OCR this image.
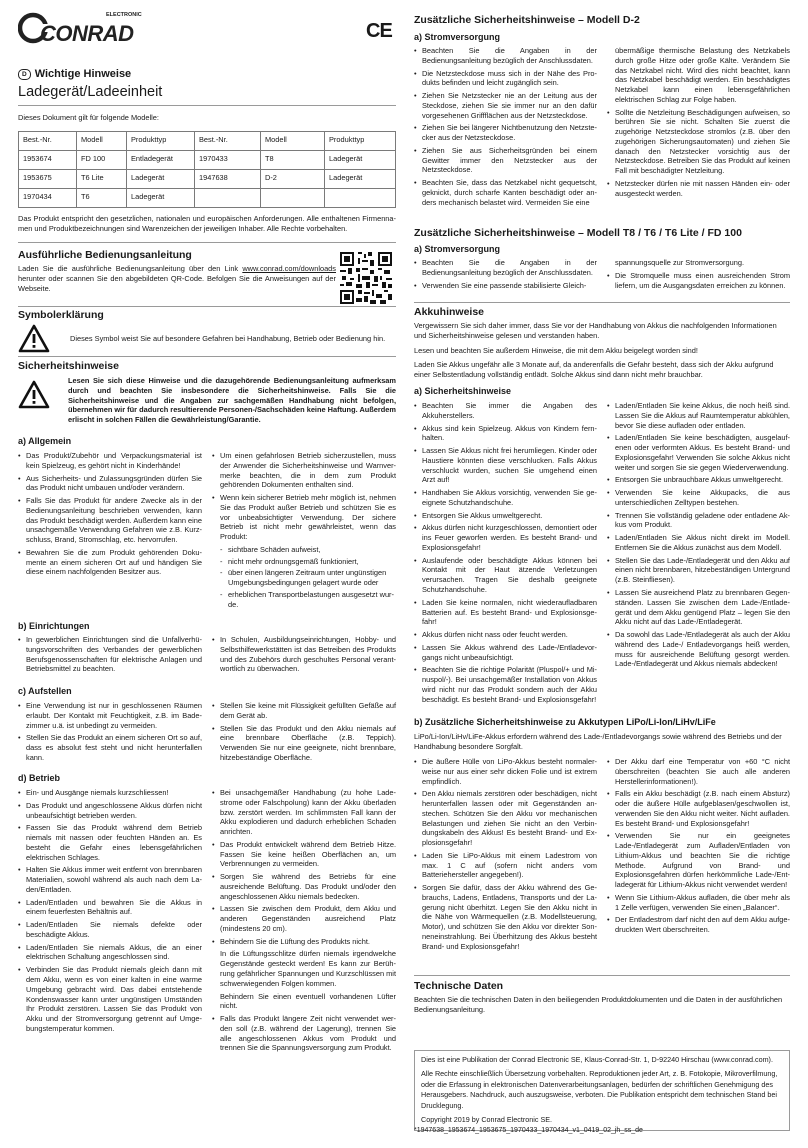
CONRAD
ELECTRONIC
D Wichtige Hinweise
Ladegerät/Ladeeinheit
Dieses Dokument gilt für folgende Modelle:
Best.-Nr.	Modell	Produkttyp	Best.-Nr.	Modell	Produkttyp
1953674	FD 100	Entladegerät	1970433	T8	Ladegerät
1953675	T6 Lite	Ladegerät	1947638	D-2	Ladegerät
1970434	T6	Ladegerät			
Das Produkt entspricht den gesetzlichen, nationalen und europäischen Anforderungen. Alle enthaltenen Firmennamen und Produktbezeichnungen sind Warenzeichen der jeweiligen Inhaber. Alle Rechte vorbehalten.
Ausführliche Bedienungsanleitung
Laden Sie die ausführliche Bedienungsanleitung über den Link www.conrad.com/downloads herunter oder scannen Sie den abgebildeten QR-Code. Befolgen Sie die Anweisungen auf der Webseite.
Symbolerklärung
Dieses Symbol weist Sie auf besondere Gefahren bei Handhabung, Betrieb oder Bedienung hin.
Sicherheitshinweise
Lesen Sie sich diese Hinweise und die dazugehörende Bedienungsanleitung aufmerksam durch und beachten Sie insbesondere die Sicherheitshinweise. Falls Sie die Sicherheitshinweise und die Angaben zur sachgemäßen Handhabung nicht befolgen, übernehmen wir für dadurch resultierende Personen-/Sachschäden keine Haftung. Außerdem erlischt in solchen Fällen die Gewährleistung/Garantie.
a) Allgemein
• Das Produkt/Zubehör und Verpackungsmaterial ist kein Spielzeug, es gehört nicht in Kinderhände!
• Aus Sicherheits- und Zulassungsgründen dürfen Sie das Produkt nicht umbauen und/oder verändern.
• Falls Sie das Produkt für andere Zwecke als in der Bedienungsanleitung beschrieben verwenden, kann das Produkt beschädigt werden. Außerdem kann eine unsachgemäße Verwendung Gefahren wie z.B. Kurzschluss, Brand, Stromschlag, etc. hervorrufen.
• Bewahren Sie die zum Produkt gehörenden Dokumente an einem sicheren Ort auf und händigen Sie diese einem nachfolgenden Besitzer aus.
• Um einen gefahrlosen Betrieb sicherzustellen, muss der Anwender die Sicherheitshinweise und Warnvermerke beachten, die in dem zum Produkt gehörenden Dokumenten enthalten sind.
• Wenn kein sicherer Betrieb mehr möglich ist, nehmen Sie das Produkt außer Betrieb und schützen Sie es vor unbeabsichtigter Verwendung. Der sichere Betrieb ist nicht mehr gewährleistet, wenn das Produkt:
- sichtbare Schäden aufweist,
- nicht mehr ordnungsgemäß funktioniert,
- über einen längeren Zeitraum unter ungünstigen Umgebungsbedingungen gelagert wurde oder
- erheblichen Transportbelastungen ausgesetzt wurde.
b) Einrichtungen
• In gewerblichen Einrichtungen sind die Unfallverhütungsvorschriften des Verbandes der gewerblichen Berufsgenossenschaften für elektrische Anlagen und Betriebsmittel zu beachten.
• In Schulen, Ausbildungseinrichtungen, Hobby- und Selbsthilfewerkstätten ist das Betreiben des Produkts und des Zubehörs durch geschultes Personal verantwortlich zu überwachen.
c) Aufstellen
• Eine Verwendung ist nur in geschlossenen Räumen erlaubt. Der Kontakt mit Feuchtigkeit, z.B. im Badezimmer u.ä. ist unbedingt zu vermeiden.
• Stellen Sie das Produkt an einem sicheren Ort so auf, dass es absolut fest steht und nicht herunterfallen kann.
• Stellen Sie keine mit Flüssigkeit gefüllten Gefäße auf dem Gerät ab.
• Stellen Sie das Produkt und den Akku niemals auf eine brennbare Oberfläche (z.B. Teppich). Verwenden Sie nur eine geeignete, nicht brennbare, hitzebeständige Oberfläche.
d) Betrieb
• Ein- und Ausgänge niemals kurzschliessen!
• Das Produkt und angeschlossene Akkus dürfen nicht unbeaufsichtigt betrieben werden.
• Fassen Sie das Produkt während dem Betrieb niemals mit nassen oder feuchten Händen an. Es besteht die Gefahr eines lebensgefährlichen elektrischen Schlages.
• Halten Sie Akkus immer weit entfernt von brennbaren Materialien, sowohl während als auch nach dem Laden/Entladen.
• Laden/Entladen und bewahren Sie die Akkus in einem feuerfesten Behältnis auf.
• Laden/Entladen Sie niemals defekte oder beschädigte Akkus.
• Laden/Entladen Sie niemals Akkus, die an einer elektrischen Schaltung angeschlossen sind.
• Verbinden Sie das Produkt niemals gleich dann mit dem Akku, wenn es von einer kalten in eine warme Umgebung gebracht wird. Das dabei entstehende Kondenswasser kann unter ungünstigen Umständen Ihr Produkt zerstören. Lassen Sie das Produkt von Akku und der Stromversorgung getrennt auf Umgebungstemperatur kommen.
• Bei unsachgemäßer Handhabung (zu hohe Ladestrome oder Falschpolung) kann der Akku überladen bzw. zerstört werden. Im schlimmsten Fall kann der Akku explodieren und dadurch erheblichen Schaden anrichten.
• Das Produkt entwickelt während dem Betrieb Hitze. Fassen Sie keine heißen Oberflächen an, um Verbrennungen zu vermeiden.
• Sorgen Sie während des Betriebs für eine ausreichende Belüftung. Das Produkt und/oder den angeschlossenen Akku niemals bedecken.
• Lassen Sie zwischen dem Produkt, dem Akku und anderen Gegenständen ausreichend Platz (mindestens 20 cm).
• Behindern Sie die Lüftung des Produkts nicht.

In die Lüftungsschlitze dürfen niemals irgendwelche Gegenstände gesteckt werden! Es kann zur Berührung gefährlicher Spannungen und Kurzschlüssen mit schwerwiegenden Folgen kommen.

Behindern Sie einen eventuell vorhandenen Lüfter nicht.

• Falls das Produkt längere Zeit nicht verwendet werden soll (z.B. während der Lagerung), trennen Sie alle angeschlossenen Akkus vom Produkt und trennen Sie die Spannungsversorgung zum Produkt.
CE Zusätzliche Sicherheitshinweise – Modell D-2
a) Stromversorgung
• Beachten Sie die Angaben in der Bedienungsanleitung bezüglich der Anschlussdaten.
• Die Netzsteckdose muss sich in der Nähe des Produkts befinden und leicht zugänglich sein.
• Ziehen Sie Netzstecker nie an der Leitung aus der Steckdose, ziehen Sie sie immer nur an den dafür vorgesehenen Griffflächen aus der Netzsteckdose.
• Ziehen Sie bei längerer Nichtbenutzung den Netzstecker aus der Netzsteckdose.
• Ziehen Sie aus Sicherheitsgründen bei einem Gewitter immer den Netzstecker aus der Netzsteckdose.
• Beachten Sie, dass das Netzkabel nicht gequetscht, geknickt, durch scharfe Kanten beschädigt oder anders mechanisch belastet wird. Vermeiden Sie eine

übermäßige thermische Belastung des Netzkabels durch große Hitze oder große Kälte. Verändern Sie das Netzkabel nicht. Wird dies nicht beachtet, kann das Netzkabel beschädigt werden. Ein beschädigtes Netzkabel kann einen lebensgefährlichen elektrischen Schlag zur Folge haben.

• Sollte die Netzleitung Beschädigungen aufweisen, so berühren Sie sie nicht. Schalten Sie zuerst die zugehörige Netzsteckdose stromlos (z.B. über den zugehörigen Sicherungsautomaten) und ziehen Sie danach den Netzstecker vorsichtig aus der Netzsteckdose. Betreiben Sie das Produkt auf keinen Fall mit beschädigter Netzleitung.
• Netzstecker dürfen nie mit nassen Händen ein- oder ausgesteckt werden.
Zusätzliche Sicherheitshinweise – Modell T8 / T6 / T6 Lite / FD 100
a) Stromversorgung
• Beachten Sie die Angaben in der Bedienungsanleitung bezüglich der Anschlussdaten.
• Verwenden Sie eine passende stabilisierte Gleich-

spannungsquelle zur Stromversorgung.

• Die Stromquelle muss einen ausreichenden Strom liefern, um die Ausgangsdaten erreichen zu können.
Akkuhinweise

Vergewissern Sie sich daher immer, dass Sie vor der Handhabung von Akkus die nachfolgenden Informationen und Sicherheitshinweise gelesen und verstanden haben.

Lesen und beachten Sie außerdem Hinweise, die mit dem Akku beigelegt worden sind!

Laden Sie Akkus ungefähr alle 3 Monate auf, da anderenfalls die Gefahr besteht, dass sich der Akku aufgrund einer Selbstentladung vollständig entlädt. Solche Akkus sind dann nicht mehr brauchbar.

a) Sicherheitshinweise
• Beachten Sie immer die Angaben des Akkuherstellers.
• Akkus sind kein Spielzeug. Akkus von Kindern fernhalten.
• Lassen Sie Akkus nicht frei herumliegen. Kinder oder Haustiere könnten diese verschlucken. Falls Akkus verschluckt wurden, suchen Sie umgehend einen Arzt auf!
• Handhaben Sie Akkus vorsichtig, verwenden Sie geeignete Schutzhandschuhe.
• Entsorgen Sie Akkus umweltgerecht.
• Akkus dürfen nicht kurzgeschlossen, demontiert oder ins Feuer geworfen werden. Es besteht Brand- und Explosionsgefahr!
• Auslaufende oder beschädigte Akkus können bei Kontakt mit der Haut ätzende Verletzungen verursachen. Tragen Sie deshalb geeignete Schutzhandschuhe.
• Laden Sie keine normalen, nicht wiederaufladbaren Batterien auf. Es besteht Brand- und Explosionsgefahr!
• Akkus dürfen nicht nass oder feucht werden.
• Lassen Sie Akkus während des Lade-/Entladevorgangs nicht unbeaufsichtigt.
• Beachten Sie die richtige Polarität (Pluspol/+ und Minuspol/-). Bei unsachgemäßer Installation von Akkus wird nicht nur das Produkt sondern auch der Akku beschädigt. Es besteht Brand- und Explosionsgefahr!
• Laden/Entladen Sie keine Akkus, die noch heiß sind. Lassen Sie die Akkus auf Raumtemperatur abkühlen, bevor Sie diese aufladen oder entladen.
• Laden/Entladen Sie keine beschädigten, ausgelaufenen oder verformten Akkus. Es besteht Brand- und Explosionsgefahr! Verwenden Sie solche Akkus nicht weiter und sorgen Sie sie gegen Wiederverwendung.
• Entsorgen Sie unbrauchbare Akkus umweltgerecht.
• Verwenden Sie keine Akkupacks, die aus unterschiedlichen Zelltypen bestehen.
• Trennen Sie vollständig geladene oder entladene Akkus vom Produkt.
• Laden/Entladen Sie Akkus nicht direkt im Modell. Entfernen Sie die Akkus zunächst aus dem Modell.
• Stellen Sie das Lade-/Entladegerät und den Akku auf einen nicht brennbaren, hitzebeständigen Untergrund (z.B. Steinfliesen).
• Lassen Sie ausreichend Platz zu brennbaren Gegenständen. Lassen Sie zwischen dem Lade-/Entladegerät und dem Akku genügend Platz – legen Sie den Akku nicht auf das Lade-/Entladegerät.
• Da sowohl das Lade-/Entladegerät als auch der Akku während des Lade-/ Entladevorgangs heiß werden, muss für ausreichende Belüftung gesorgt werden. Lade-/Entladegerät und Akkus niemals abdecken!
b) Zusätzliche Sicherheitshinweise zu Akkutypen LiPo/Li-Ion/LiHv/LiFe
LiPo/Li-Ion/LiHv/LiFe-Akkus erfordern während des Lade-/Entladevorgangs sowie während des Betriebs und der Handhabung besondere Sorgfalt.
• Die äußere Hülle von LiPo-Akkus besteht normalerweise nur aus einer sehr dicken Folie und ist extrem empfindlich.
• Den Akku niemals zerstören oder beschädigen, nicht herunterfallen lassen oder mit Gegenständen anstechen. Schützen Sie den Akku vor mechanischen Belastungen und ziehen Sie nicht an den Verbindungskabeln des Akkus! Es besteht Brand- und Explosionsgefahr!
• Laden Sie LiPo-Akkus mit einem Ladestrom von max. 1 C auf (sofern nicht anders vom Batteriehersteller angegeben!).
• Sorgen Sie dafür, dass der Akku während des Gebrauchs, Ladens, Entladens, Transports und der Lagerung nicht überhitzt. Legen Sie den Akku nicht in die Nähe von Wärmequellen (z.B. Modellsteuerung, Motor), und schützen Sie den Akku vor direkter Sonneneinstrahlung. Bei Überhitzung des Akkus besteht Brand- und Explosionsgefahr!
• Der Akku darf eine Temperatur von +60 °C nicht überschreiten (beachten Sie auch alle anderen Herstellerinformationen!).
• Falls ein Akku beschädigt (z.B. nach einem Absturz) oder die äußere Hülle aufgeblasen/geschwollen ist, verwenden Sie den Akku nicht weiter. Nicht aufladen. Es besteht Brand- und Explosionsgefahr!
• Verwenden Sie nur ein geeignetes Lade-/Entladegerät zum Aufladen/Entladen von Lithium-Akkus und beachten Sie die richtige Methode. Aufgrund von Brand- und Explosionsgefahren dürfen herkömmliche Lade-/Entladegerät für Lithium-Akkus nicht verwendet werden!
• Wenn Sie Lithium-Akkus aufladen, die über mehr als 1 Zelle verfügen, verwenden Sie einen „Balancer“.
• Der Entladestrom darf nicht den auf dem Akku aufgedruckten Wert überschreiten.
Technische Daten
Beachten Sie die technischen Daten in den beiliegenden Produktdokumenten und die Daten in der ausführlichen Bedienungsanleitung.

Dies ist eine Publikation der Conrad Electronic SE, Klaus-Conrad-Str. 1, D-92240 Hirschau (www.conrad.com).

Alle Rechte einschließlich Übersetzung vorbehalten. Reproduktionen jeder Art, z. B. Fotokopie, Mikroverfilmung, oder die Erfassung in elektronischen Datenverarbeitungsanlagen, bedürfen der schriftlichen Genehmigung des Herausgebers. Nachdruck, auch auszugsweise, verboten. Die Publikation entspricht dem technischen Stand bei Drucklegung.

Copyright 2019 by Conrad Electronic SE.

*1947638_1953674_1953675_1970433_1970434_v1_0419_02_jh_ss_de
